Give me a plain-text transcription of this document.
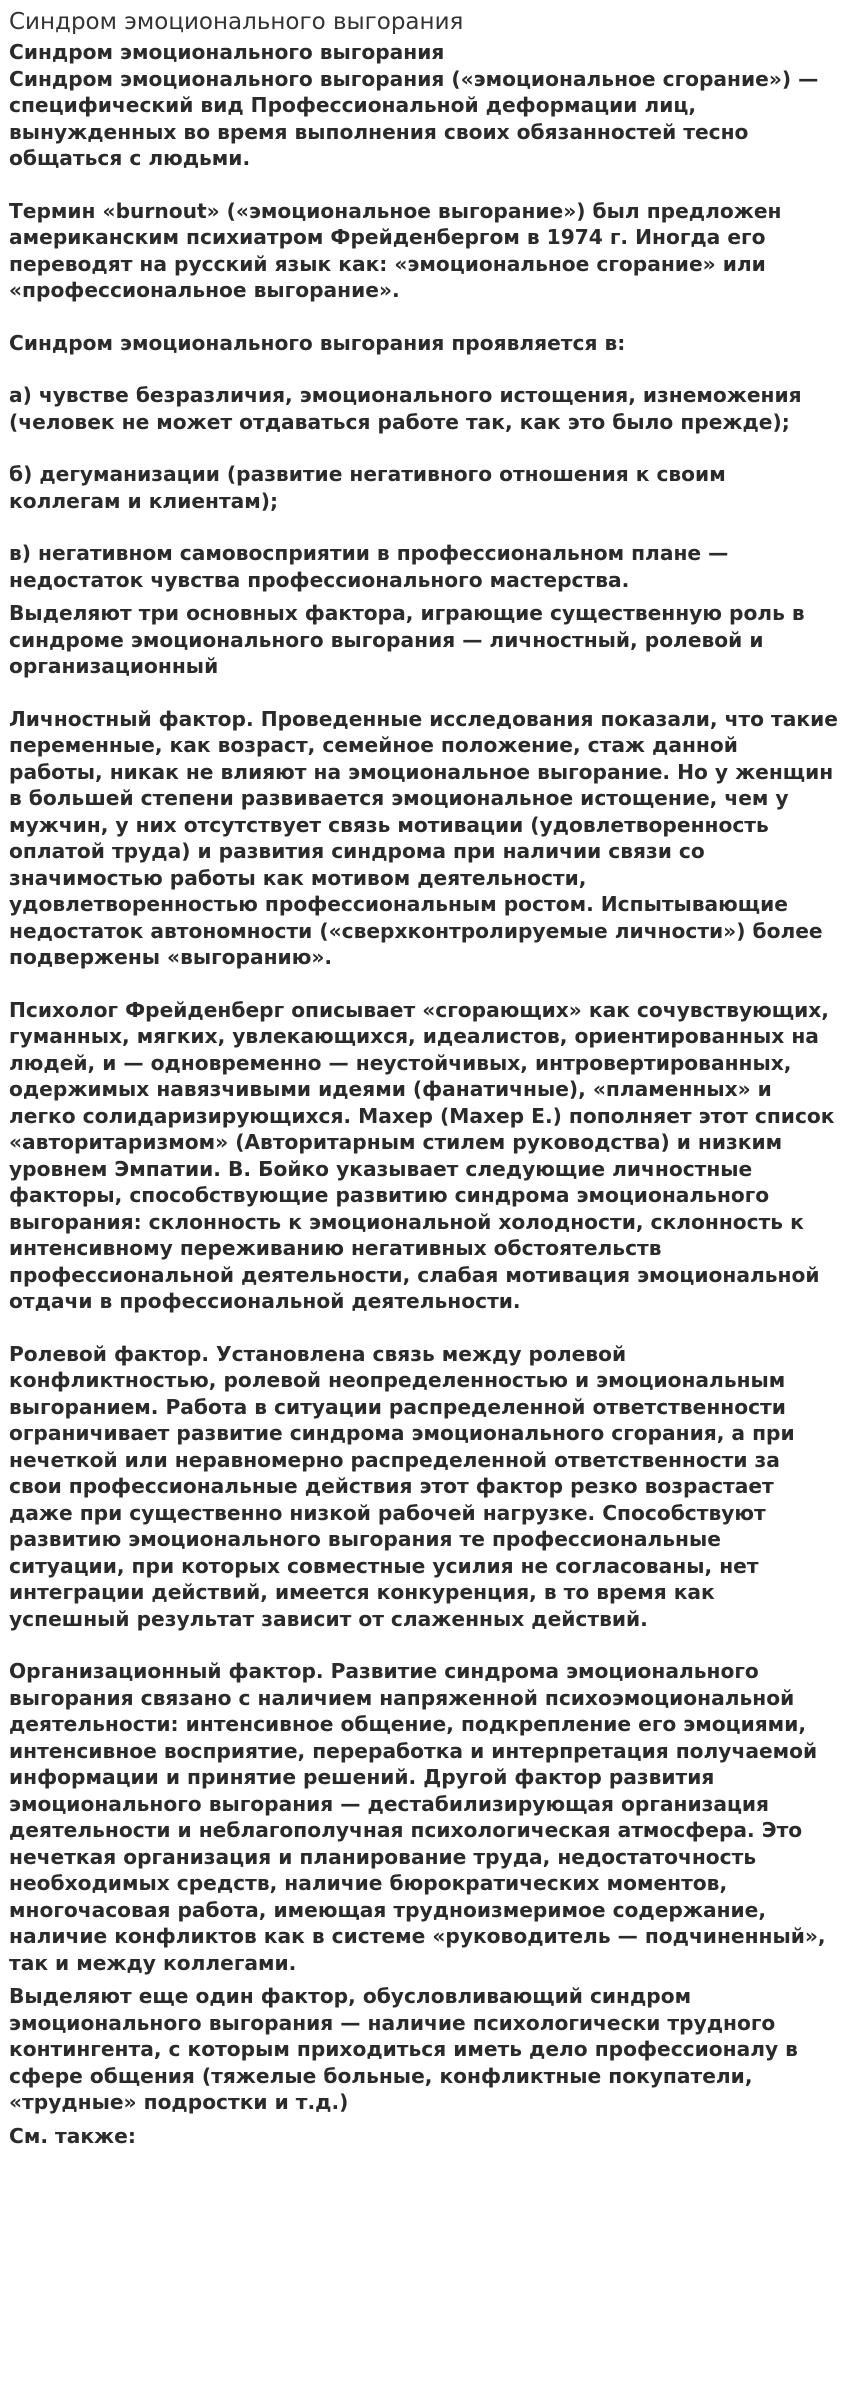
Синдром эмоционального выгорания

Синдром эмоционального выгорания

Синдром эмоционального выгорания («эмоциональное сгорание») — специфический вид Профессиональной деформации лиц, вынужденных во время выполнения своих обязанностей тесно общаться с людьми.

Термин «burnout» («эмоциональное выгорание») был предложен американским психиатром Фрейденбергом в 1974 г. Иногда его переводят на русский язык как: «эмоциональное сгорание» или «профессиональное выгорание».

Синдром эмоционального выгорания проявляется в:

а) чувстве безразличия, эмоционального истощения, изнеможения (человек не может отдаваться работе так, как это было прежде);

б) дегуманизации (развитие негативного отношения к своим коллегам и клиентам);

в) негативном самовосприятии в профессиональном плане — недостаток чувства профессионального мастерства.

Выделяют три основных фактора, играющие существенную роль в синдроме эмоционального выгорания — личностный, ролевой и организационный

Личностный фактор. Проведенные исследования показали, что такие переменные, как возраст, семейное положение, стаж данной работы, никак не влияют на эмоциональное выгорание. Но у женщин в большей степени развивается эмоциональное истощение, чем у мужчин, у них отсутствует связь мотивации (удовлетворенность оплатой труда) и развития синдрома при наличии связи со значимостью работы как мотивом деятельности, удовлетворенностью профессиональным ростом. Испытывающие недостаток автономности («сверхконтролируемые личности») более подвержены «выгоранию».

Психолог Фрейденберг описывает «сгорающих» как сочувствующих, гуманных, мягких, увлекающихся, идеалистов, ориентированных на людей, и — одновременно — неустойчивых, интровертированных, одержимых навязчивыми идеями (фанатичные), «пламенных» и легко солидаризирующихся. Махер (Maxер E.) пополняет этот список «авторитаризмом» (Авторитарным стилем руководства) и низким уровнем Эмпатии. В. Бойко указывает следующие личностные факторы, способствующие развитию синдрома эмоционального выгорания: склонность к эмоциональной холодности, склонность к интенсивному переживанию негативных обстоятельств профессиональной деятельности, слабая мотивация эмоциональной отдачи в профессиональной деятельности.

Ролевой фактор. Установлена связь между ролевой конфликтностью, ролевой неопределенностью и эмоциональным выгоранием. Работа в ситуации распределенной ответственности ограничивает развитие синдрома эмоционального сгорания, а при нечеткой или неравномерно распределенной ответственности за свои профессиональные действия этот фактор резко возрастает даже при существенно низкой рабочей нагрузке. Способствуют развитию эмоционального выгорания те профессиональные ситуации, при которых совместные усилия не согласованы, нет интеграции действий, имеется конкуренция, в то время как успешный результат зависит от слаженных действий.

Организационный фактор. Развитие синдрома эмоционального выгорания связано с наличием напряженной психоэмоциональной деятельности: интенсивное общение, подкрепление его эмоциями, интенсивное восприятие, переработка и интерпретация получаемой информации и принятие решений. Другой фактор развития эмоционального выгорания — дестабилизирующая организация деятельности и неблагополучная психологическая атмосфера. Это нечеткая организация и планирование труда, недостаточность необходимых средств, наличие бюрократических моментов, многочасовая работа, имеющая трудноизмеримое содержание, наличие конфликтов как в системе «руководитель — подчиненный», так и между коллегами.

Выделяют еще один фактор, обусловливающий синдром эмоционального выгорания — наличие психологически трудного контингента, с которым приходиться иметь дело профессионалу в сфере общения (тяжелые больные, конфликтные покупатели, «трудные» подростки и т.д.)

См. также:
